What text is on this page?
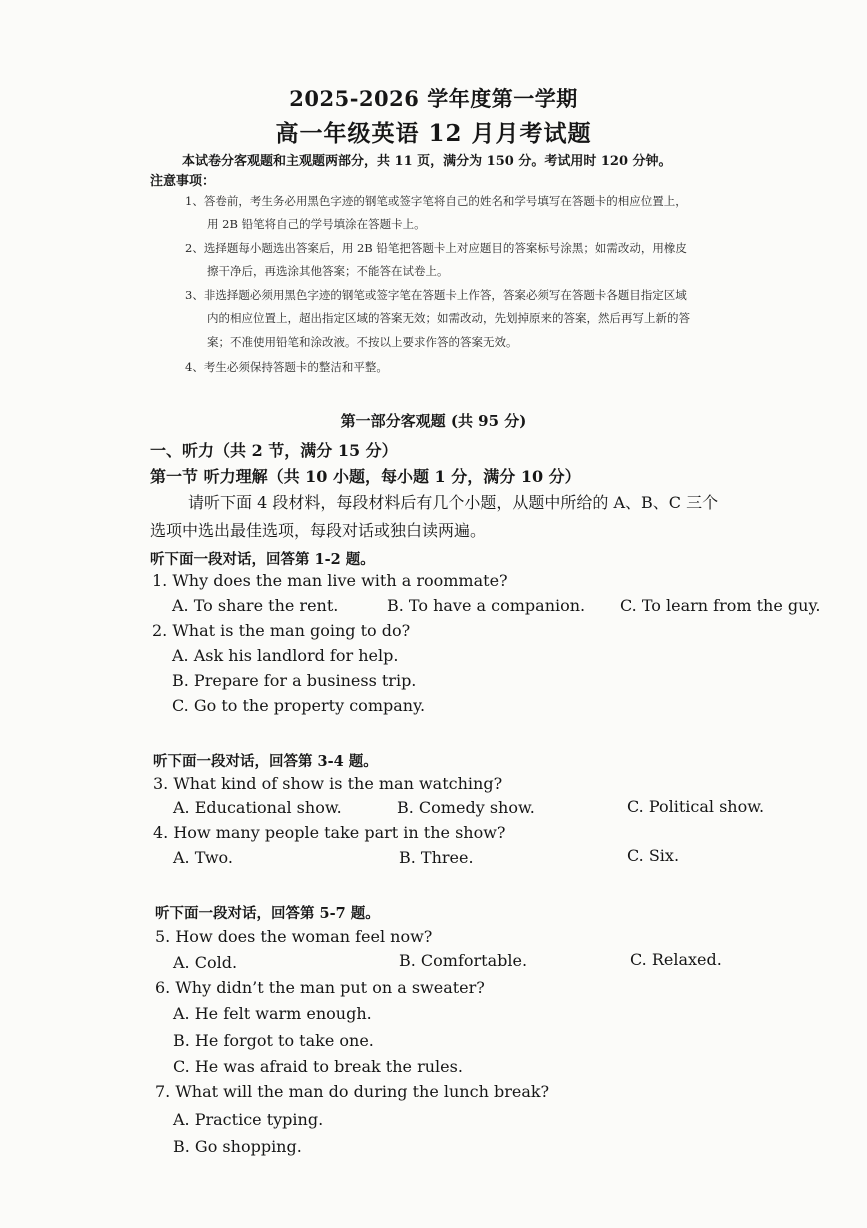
2025-2026 学年度第一学期
高一年级英语 12 月月考试题
本试卷分客观题和主观题两部分，共 11 页，满分为 150 分。考试用时 120 分钟。
注意事项：
1、答卷前，考生务必用黑色字迹的钢笔或签字笔将自己的姓名和学号填写在答题卡的相应位置上，
用 2B 铅笔将自己的学号填涂在答题卡上。
2、选择题每小题选出答案后，用 2B 铅笔把答题卡上对应题目的答案标号涂黑；如需改动，用橡皮
擦干净后，再选涂其他答案；不能答在试卷上。
3、非选择题必须用黑色字迹的钢笔或签字笔在答题卡上作答，答案必须写在答题卡各题目指定区域
内的相应位置上，超出指定区域的答案无效；如需改动，先划掉原来的答案，然后再写上新的答
案；不准使用铅笔和涂改液。不按以上要求作答的答案无效。
4、考生必须保持答题卡的整洁和平整。
第一部分客观题 (共 95 分)
一、听力（共 2 节，满分 15 分）
第一节 听力理解（共 10 小题，每小题 1 分，满分 10 分）
请听下面 4 段材料，每段材料后有几个小题，从题中所给的 A、B、C 三个
选项中选出最佳选项，每段对话或独白读两遍。
听下面一段对话，回答第 1-2 题。
1. Why does the man live with a roommate?
A. To share the rent.	B. To have a companion. C. To learn from the guy.
2. What is the man going to do?
A. Ask his landlord for help.
B. Prepare for a business trip.
C. Go to the property company.
听下面一段对话，回答第 3-4 题。
3. What kind of show is the man watching?
A. Educational show.	B. Comedy show.	C. Political show.
4. How many people take part in the show?
A. Two.	B. Three.	C. Six.
听下面一段对话，回答第 5-7 题。
5. How does the woman feel now?
A. Cold.	B. Comfortable.	C. Relaxed.
6. Why didn’t the man put on a sweater?
A. He felt warm enough.
B. He forgot to take one.
C. He was afraid to break the rules.
7. What will the man do during the lunch break?
A. Practice typing.
B. Go shopping.
